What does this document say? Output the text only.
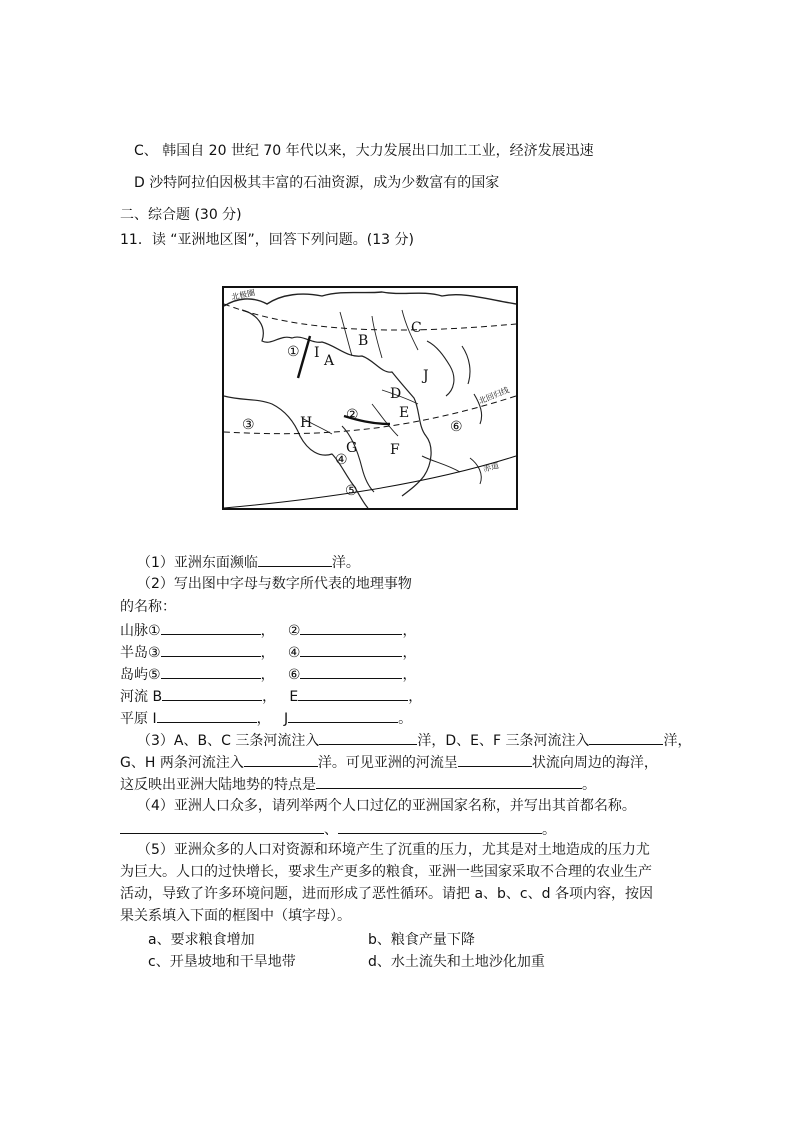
C、 韩国自 20 世纪 70 年代以来，大力发展出口加工工业，经济发展迅速
D 沙特阿拉伯因极其丰富的石油资源，成为少数富有的国家
二、综合题 (30 分)
11．读 “亚洲地区图”，回答下列问题。(13 分)
北极圈
北回归线
赤道
A
B
C
D
E
F
G
H
I
J
①
②
③
④
⑤
⑥
（1）亚洲东面濒临	洋。
（2）写出图中字母与数字所代表的地理事物
的名称：
山脉①	， ②	，
半岛③	， ④	，
岛屿⑤	， ⑥	，
河流 B	， E	，
平原 I	， J	。
（3）A、B、C 三条河流注入	洋，D、E、F 三条河流注入	洋，
G、H 两条河流注入	洋。可见亚洲的河流呈	状流向周边的海洋，
这反映出亚洲大陆地势的特点是	。
（4）亚洲人口众多，请列举两个人口过亿的亚洲国家名称，并写出其首都名称。
、	。
（5）亚洲众多的人口对资源和环境产生了沉重的压力，尤其是对土地造成的压力尤
为巨大。人口的过快增长，要求生产更多的粮食，亚洲一些国家采取不合理的农业生产
活动，导致了许多环境问题，进而形成了恶性循环。请把 a、b、c、d 各项内容，按因
果关系填入下面的框图中（填字母）。
a、要求粮食增加	b、粮食产量下降
c、开垦坡地和干旱地带	d、水土流失和土地沙化加重
